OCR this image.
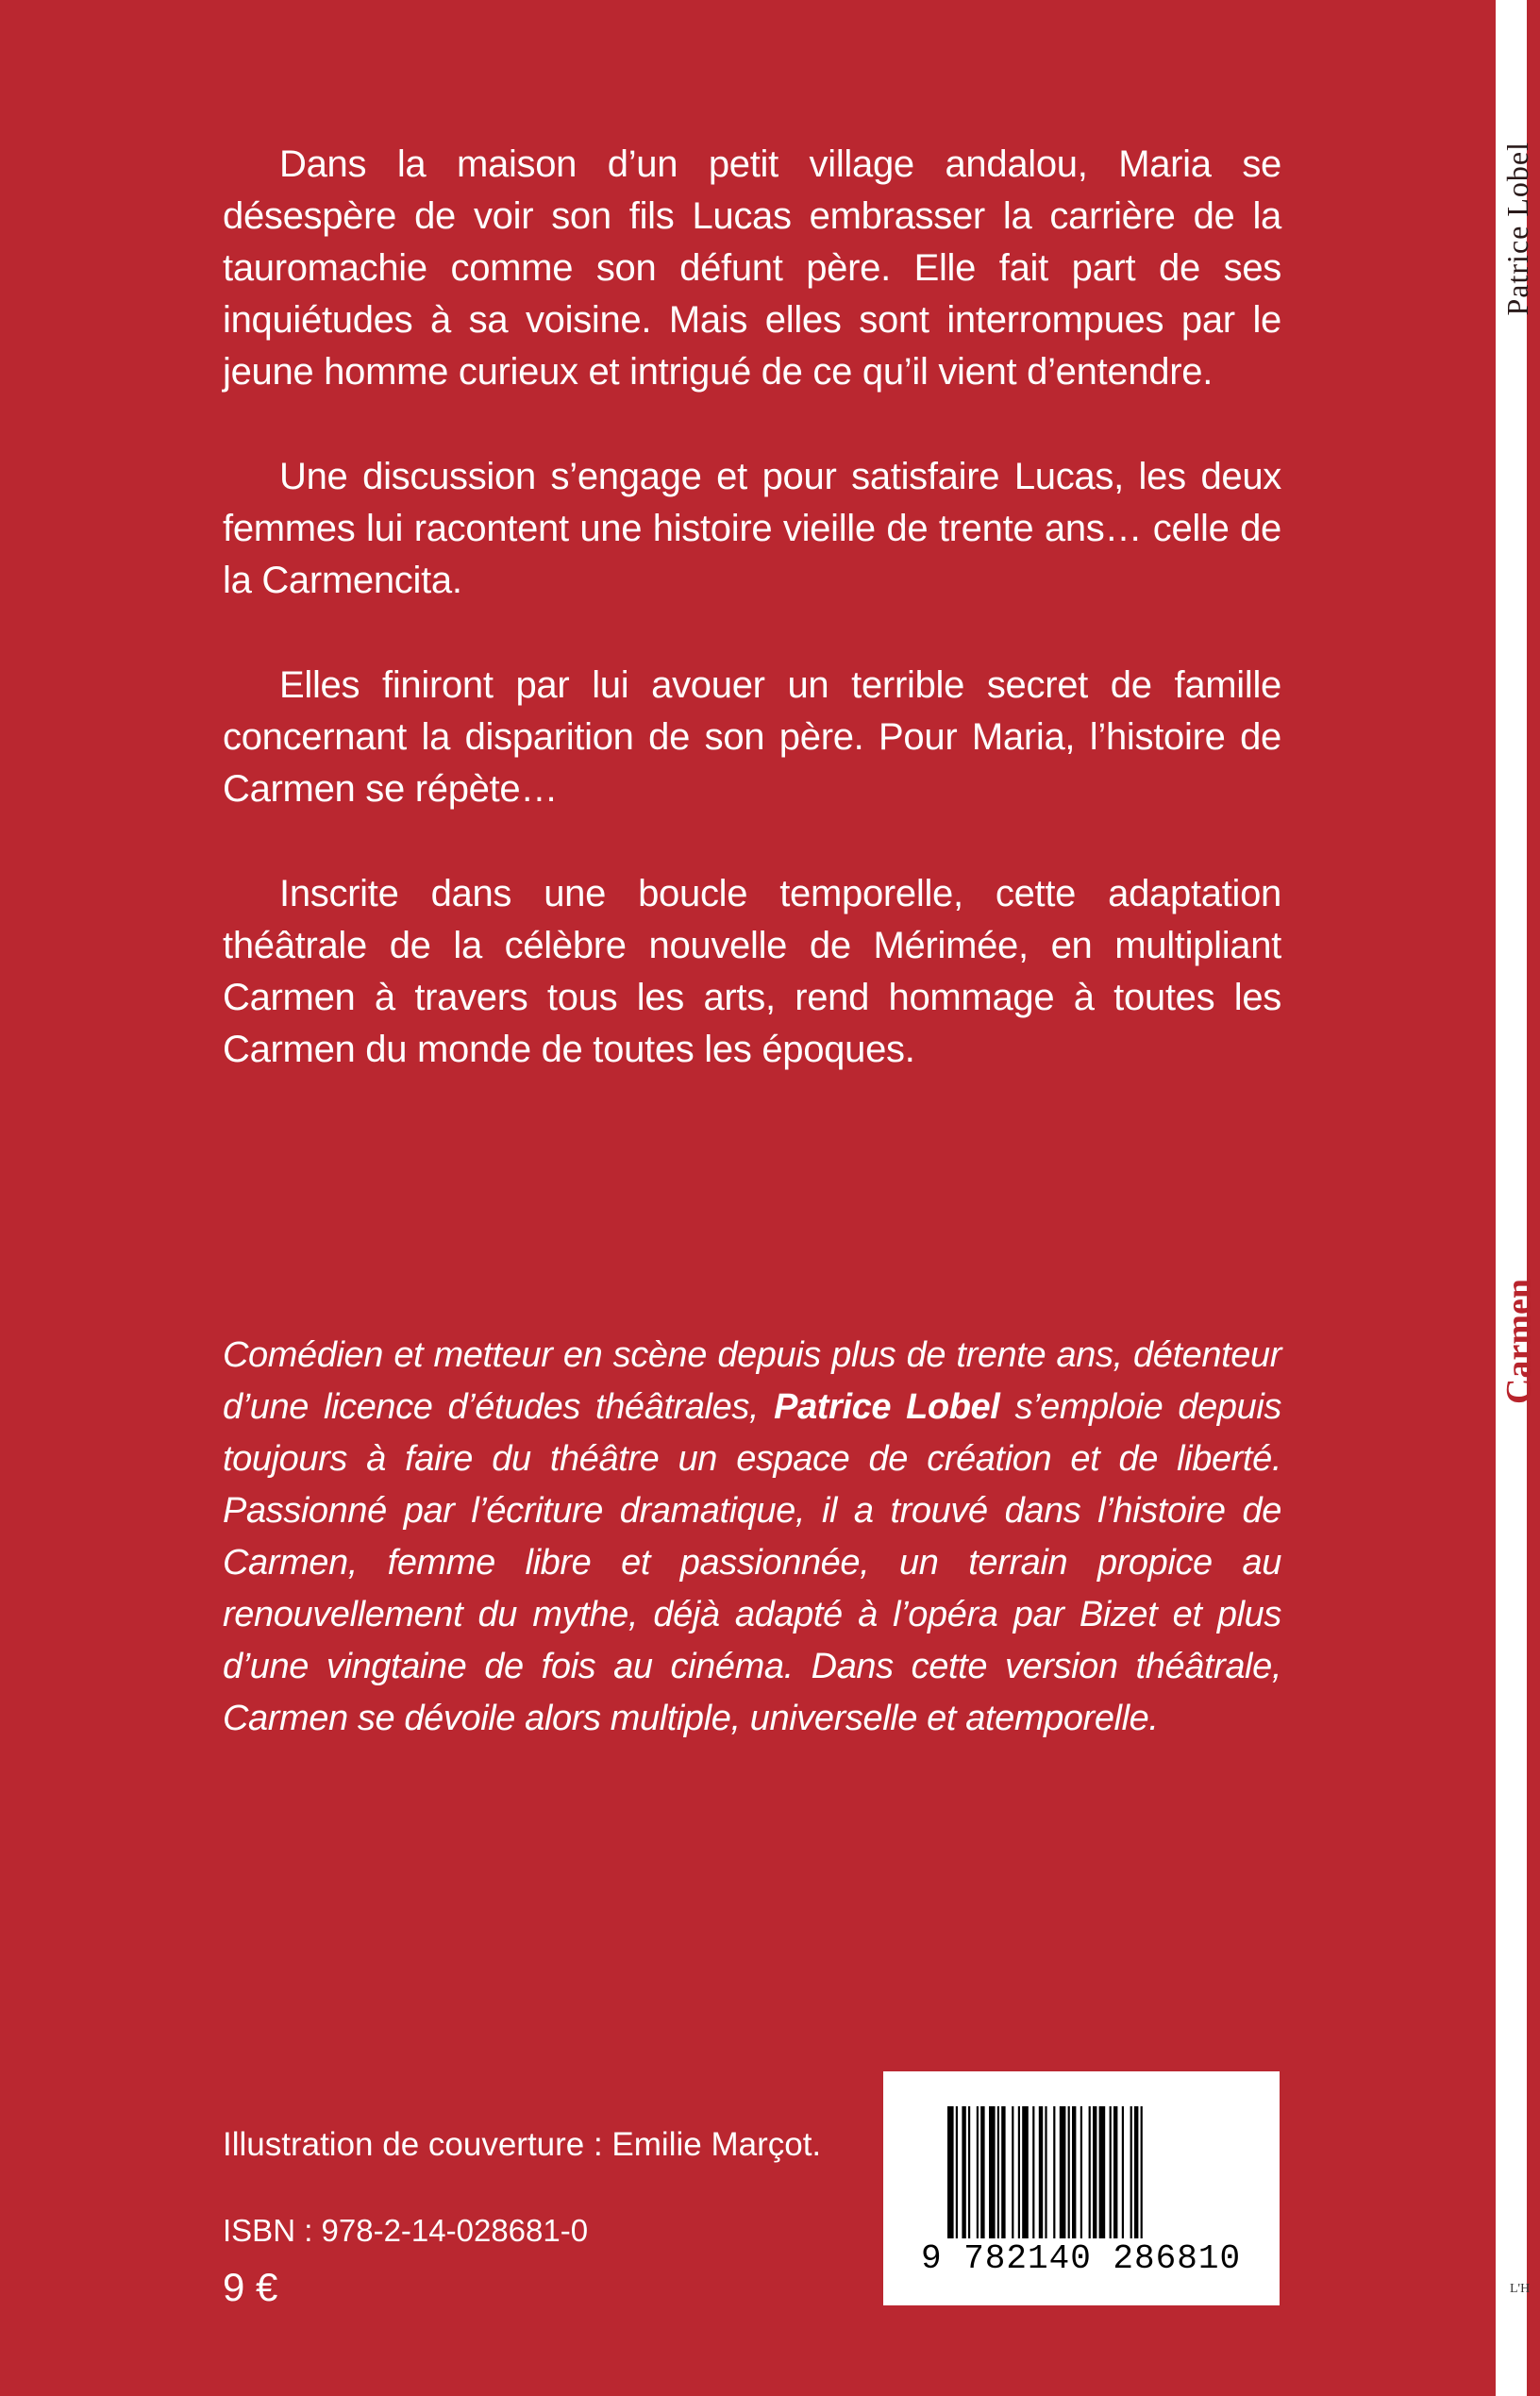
Dans la maison d’un petit village andalou, Maria se désespère de voir son fils Lucas embrasser la carrière de la tauromachie comme son défunt père. Elle fait part de ses inquiétudes à sa voisine. Mais elles sont interrompues par le jeune homme curieux et intrigué de ce qu’il vient d’entendre.

Une discussion s’engage et pour satisfaire Lucas, les deux femmes lui racontent une histoire vieille de trente ans… celle de la Carmencita.

Elles finiront par lui avouer un terrible secret de famille concernant la disparition de son père. Pour Maria, l’histoire de Carmen se répète…

Inscrite dans une boucle temporelle, cette adaptation théâtrale de la célèbre nouvelle de Mérimée, en multipliant Carmen à travers tous les arts, rend hommage à toutes les Carmen du monde de toutes les époques.

Comédien et metteur en scène depuis plus de trente ans, détenteur d’une licence d’études théâtrales, Patrice Lobel s’emploie depuis toujours à faire du théâtre un espace de création et de liberté. Passionné par l’écriture dramatique, il a trouvé dans l’histoire de Carmen, femme libre et passionnée, un terrain propice au renouvellement du mythe, déjà adapté à l’opéra par Bizet et plus d’une vingtaine de fois au cinéma. Dans cette version théâtrale, Carmen se dévoile alors multiple, universelle et atemporelle.

Illustration de couverture : Emilie Marçot.
ISBN : 978-2-14-028681-0
9 €
9 782140 286810
Patrice Lobel
Carmen
L'H
